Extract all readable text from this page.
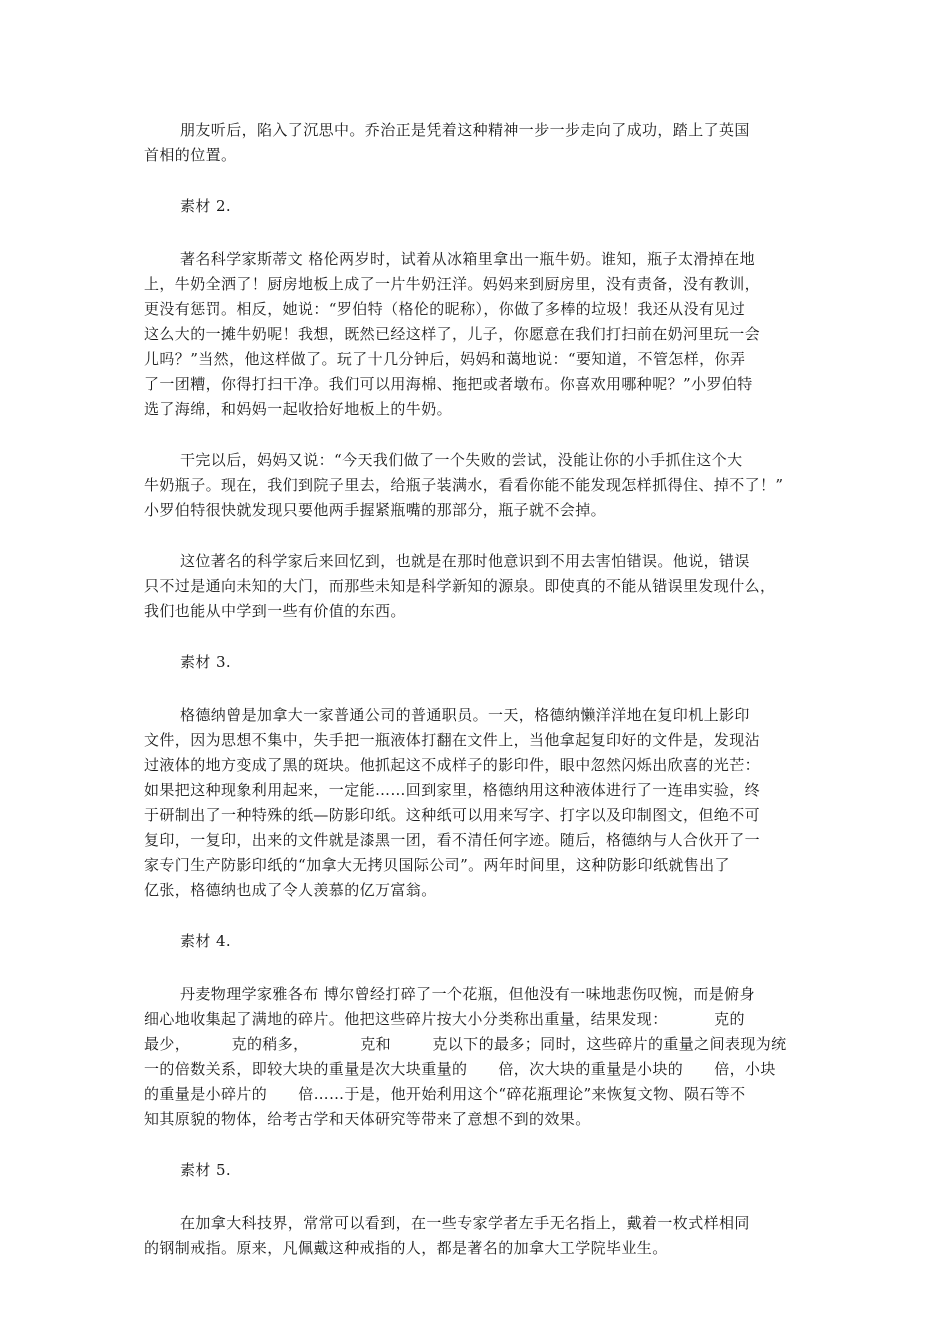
朋友听后，陷入了沉思中。乔治正是凭着这种精神一步一步走向了成功，踏上了英国
首相的位置。

素材 2.

著名科学家斯蒂文 格伦两岁时，试着从冰箱里拿出一瓶牛奶。谁知，瓶子太滑掉在地
上，牛奶全洒了！厨房地板上成了一片牛奶汪洋。妈妈来到厨房里，没有责备，没有教训，
更没有惩罚。相反，她说：“罗伯特（格伦的昵称），你做了多棒的垃圾！我还从没有见过
这么大的一摊牛奶呢！我想，既然已经这样了，儿子，你愿意在我们打扫前在奶河里玩一会
儿吗？”当然，他这样做了。玩了十几分钟后，妈妈和蔼地说：“要知道，不管怎样，你弄
了一团糟，你得打扫干净。我们可以用海棉、拖把或者墩布。你喜欢用哪种呢？”小罗伯特
选了海绵，和妈妈一起收拾好地板上的牛奶。

干完以后，妈妈又说：“今天我们做了一个失败的尝试，没能让你的小手抓住这个大
牛奶瓶子。现在，我们到院子里去，给瓶子装满水，看看你能不能发现怎样抓得住、掉不了！”
小罗伯特很快就发现只要他两手握紧瓶嘴的那部分，瓶子就不会掉。

这位著名的科学家后来回忆到，也就是在那时他意识到不用去害怕错误。他说，错误
只不过是通向未知的大门，而那些未知是科学新知的源泉。即使真的不能从错误里发现什么，
我们也能从中学到一些有价值的东西。

素材 3.

格德纳曾是加拿大一家普通公司的普通职员。一天，格德纳懒洋洋地在复印机上影印
文件，因为思想不集中，失手把一瓶液体打翻在文件上，当他拿起复印好的文件是，发现沾
过液体的地方变成了黑的斑块。他抓起这不成样子的影印件，眼中忽然闪烁出欣喜的光芒：
如果把这种现象利用起来，一定能……回到家里，格德纳用这种液体进行了一连串实验，终
于研制出了一种特殊的纸—防影印纸。这种纸可以用来写字、打字以及印制图文，但绝不可
复印，一复印，出来的文件就是漆黑一团，看不清任何字迹。随后，格德纳与人合伙开了一
家专门生产防影印纸的“加拿大无拷贝国际公司”。两年时间里，这种防影印纸就售出了
亿张，格德纳也成了令人羡慕的亿万富翁。

素材 4.

丹麦物理学家雅各布 博尔曾经打碎了一个花瓶，但他没有一味地悲伤叹惋，而是俯身
细心地收集起了满地的碎片。他把这些碎片按大小分类称出重量，结果发现：         克的
最少，        克的稍多，          克和        克以下的最多；同时，这些碎片的重量之间表现为统
一的倍数关系，即较大块的重量是次大块重量的      倍，次大块的重量是小块的      倍，小块
的重量是小碎片的      倍……于是，他开始利用这个“碎花瓶理论”来恢复文物、陨石等不
知其原貌的物体，给考古学和天体研究等带来了意想不到的效果。

素材 5.

在加拿大科技界，常常可以看到，在一些专家学者左手无名指上，戴着一枚式样相同
的钢制戒指。原来，凡佩戴这种戒指的人，都是著名的加拿大工学院毕业生。
